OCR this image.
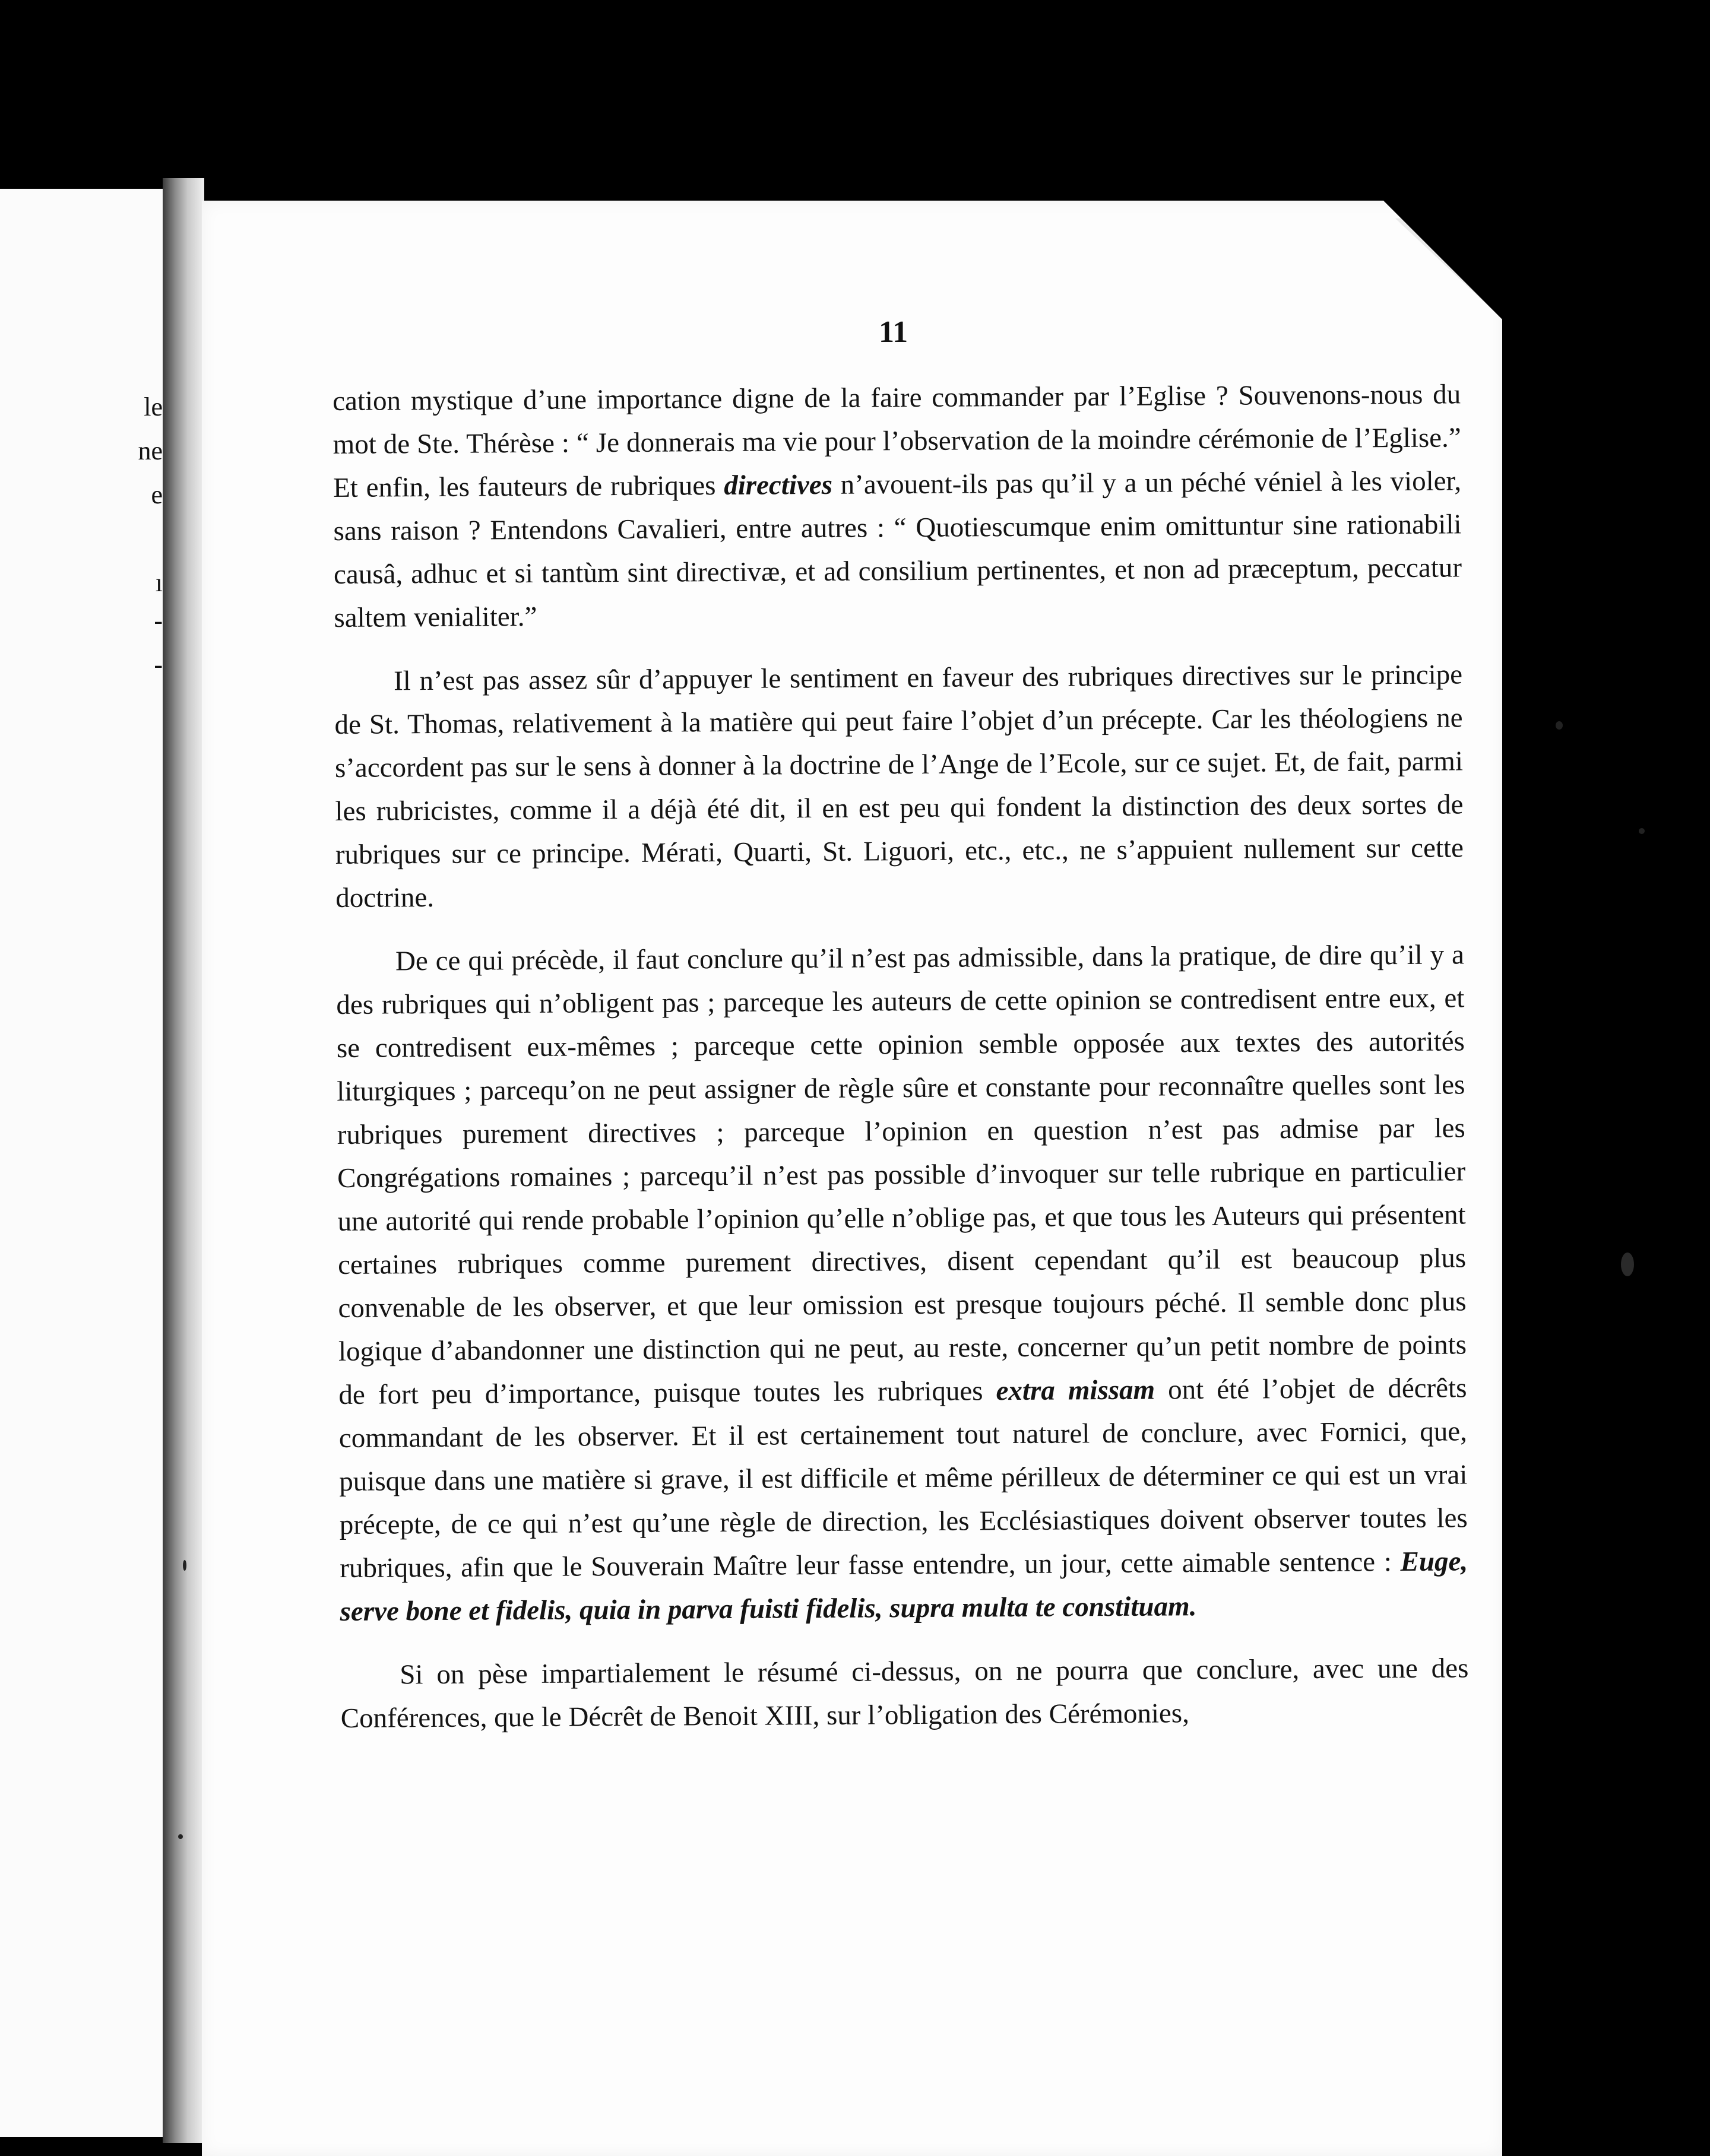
le
ne
e
ı
-
-
11

cation mystique d’une importance digne de la faire commander par l’Eglise ? Souvenons-nous du mot de Ste. Thérèse : “ Je donnerais ma vie pour l’observation de la moindre cérémonie de l’Eglise.” Et enfin, les fauteurs de rubriques directives n’avouent-ils pas qu’il y a un péché véniel à les violer, sans raison ? Entendons Cavalieri, entre autres : “ Quotiescumque enim omittuntur sine rationabili causâ, adhuc et si tantùm sint directivæ, et ad consilium pertinentes, et non ad præceptum, peccatur saltem venialiter.”

Il n’est pas assez sûr d’appuyer le sentiment en faveur des rubriques directives sur le principe de St. Thomas, relativement à la matière qui peut faire l’objet d’un précepte. Car les théologiens ne s’accordent pas sur le sens à donner à la doctrine de l’Ange de l’Ecole, sur ce sujet. Et, de fait, parmi les rubricistes, comme il a déjà été dit, il en est peu qui fondent la distinction des deux sortes de rubriques sur ce principe. Mérati, Quarti, St. Liguori, etc., etc., ne s’appuient nullement sur cette doctrine.

De ce qui précède, il faut conclure qu’il n’est pas admissible, dans la pratique, de dire qu’il y a des rubriques qui n’obligent pas ; parceque les auteurs de cette opinion se contredisent entre eux, et se contredisent eux-mêmes ; parceque cette opinion semble opposée aux textes des autorités liturgiques ; parcequ’on ne peut assigner de règle sûre et constante pour reconnaître quelles sont les rubriques purement directives ; parceque l’opinion en question n’est pas admise par les Congrégations romaines ; parcequ’il n’est pas possible d’invoquer sur telle rubrique en particulier une autorité qui rende probable l’opinion qu’elle n’oblige pas, et que tous les Auteurs qui présentent certaines rubriques comme purement directives, disent cependant qu’il est beaucoup plus convenable de les observer, et que leur omission est presque toujours péché. Il semble donc plus logique d’abandonner une distinction qui ne peut, au reste, concerner qu’un petit nombre de points de fort peu d’importance, puisque toutes les rubriques extra missam ont été l’objet de décrêts commandant de les observer. Et il est certainement tout naturel de conclure, avec Fornici, que, puisque dans une matière si grave, il est difficile et même périlleux de déterminer ce qui est un vrai précepte, de ce qui n’est qu’une règle de direction, les Ecclésiastiques doivent observer toutes les rubriques, afin que le Souverain Maître leur fasse entendre, un jour, cette aimable sentence : Euge, serve bone et fidelis, quia in parva fuisti fidelis, supra multa te constituam.

Si on pèse impartialement le résumé ci-dessus, on ne pourra que conclure, avec une des Conférences, que le Décrêt de Benoit XIII, sur l’obligation des Cérémonies,
